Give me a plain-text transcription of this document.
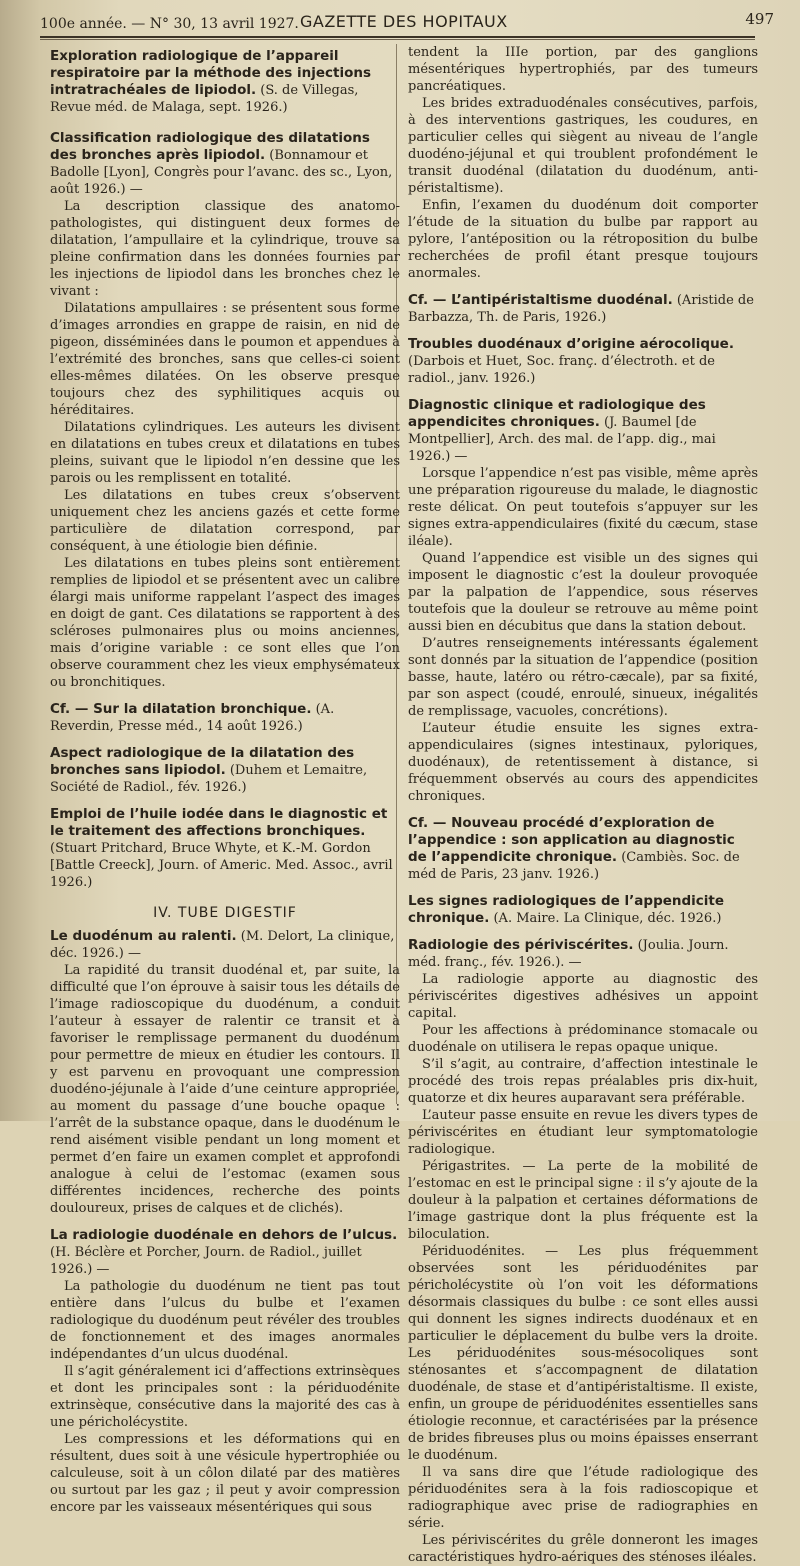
100e année. — N° 30, 13 avril 1927. GAZETTE DES HOPITAUX	497
Exploration radiologique de l’appareil respiratoire par la méthode des injections intratrachéales de lipiodol. (S. de Villegas, Revue méd. de Malaga, sept. 1926.)
Classification radiologique des dilatations des bronches après lipiodol. (Bonnamour et Badolle [Lyon], Congrès pour l’avanc. des sc., Lyon, août 1926.) —

La description classique des anatomo-pathologistes, qui distinguent deux formes de dilatation, l’ampullaire et la cylindrique, trouve sa pleine confirmation dans les données fournies par les injections de lipiodol dans les bronches chez le vivant :

Dilatations ampullaires : se présentent sous forme d’images arrondies en grappe de raisin, en nid de pigeon, disséminées dans le poumon et appendues à l’extrémité des bronches, sans que celles-ci soient elles-mêmes dilatées. On les observe presque toujours chez des syphilitiques acquis ou héréditaires.

Dilatations cylindriques. Les auteurs les divisent en dilatations en tubes creux et dilatations en tubes pleins, suivant que le lipiodol n’en dessine que les parois ou les remplissent en totalité.

Les dilatations en tubes creux s’observent uniquement chez les anciens gazés et cette forme particulière de dilatation correspond, par conséquent, à une étiologie bien définie.

Les dilatations en tubes pleins sont entièrement remplies de lipiodol et se présentent avec un calibre élargi mais uniforme rappelant l’aspect des images en doigt de gant. Ces dilatations se rapportent à des scléroses pulmonaires plus ou moins anciennes, mais d’origine variable : ce sont elles que l’on observe couramment chez les vieux emphysémateux ou bronchitiques.

Cf. — Sur la dilatation bronchique. (A. Reverdin, Presse méd., 14 août 1926.)
Aspect radiologique de la dilatation des bronches sans lipiodol. (Duhem et Lemaitre, Société de Radiol., fév. 1926.)
Emploi de l’huile iodée dans le diagnostic et le traitement des affections bronchiques. (Stuart Pritchard, Bruce Whyte, et K.-M. Gordon [Battle Creeck], Journ. of Americ. Med. Assoc., avril 1926.)
IV. TUBE DIGESTIF
Le duodénum au ralenti. (M. Delort, La clinique, déc. 1926.) —

La rapidité du transit duodénal et, par suite, la difficulté que l’on éprouve à saisir tous les détails de l’image radioscopique du duodénum, a conduit l’auteur à essayer de ralentir ce transit et à favoriser le remplissage permanent du duodénum pour permettre de mieux en étudier les contours. Il y est parvenu en provoquant une compression duodéno-jéjunale à l’aide d’une ceinture appropriée, au moment du passage d’une bouche opaque : l’arrêt de la substance opaque, dans le duodénum le rend aisément visible pendant un long moment et permet d’en faire un examen complet et approfondi analogue à celui de l’estomac (examen sous différentes incidences, recherche des points douloureux, prises de calques et de clichés).

La radiologie duodénale en dehors de l’ulcus. (H. Béclère et Porcher, Journ. de Radiol., juillet 1926.) —

La pathologie du duodénum ne tient pas tout entière dans l’ulcus du bulbe et l’examen radiologique du duodénum peut révéler des troubles de fonctionnement et des images anormales indépendantes d’un ulcus duodénal.

Il s’agit généralement ici d’affections extrinsèques et dont les principales sont : la périduodénite extrinsèque, consécutive dans la majorité des cas à une péricholécystite.

Les compressions et les déformations qui en résultent, dues soit à une vésicule hypertrophiée ou calculeuse, soit à un côlon dilaté par des matières ou surtout par les gaz ; il peut y avoir compression encore par les vaisseaux mésentériques qui sous

tendent la IIIe portion, par des ganglions mésentériques hypertrophiés, par des tumeurs pancréatiques.

Les brides extraduodénales consécutives, parfois, à des interventions gastriques, les coudures, en particulier celles qui siègent au niveau de l’angle duodéno-jéjunal et qui troublent profondément le transit duodénal (dilatation du duodénum, anti-péristaltisme).

Enfin, l’examen du duodénum doit comporter l’étude de la situation du bulbe par rapport au pylore, l’antéposition ou la rétroposition du bulbe recherchées de profil étant presque toujours anormales.

Cf. — L’antipéristaltisme duodénal. (Aristide de Barbazza, Th. de Paris, 1926.)
Troubles duodénaux d’origine aérocolique. (Darbois et Huet, Soc. franç. d’électroth. et de radiol., janv. 1926.)
Diagnostic clinique et radiologique des appendicites chroniques. (J. Baumel [de Montpellier], Arch. des mal. de l’app. dig., mai 1926.) —

Lorsque l’appendice n’est pas visible, même après une préparation rigoureuse du malade, le diagnostic reste délicat. On peut toutefois s’appuyer sur les signes extra-appendiculaires (fixité du cæcum, stase iléale).

Quand l’appendice est visible un des signes qui imposent le diagnostic c’est la douleur provoquée par la palpation de l’appendice, sous réserves toutefois que la douleur se retrouve au même point aussi bien en décubitus que dans la station debout.

D’autres renseignements intéressants également sont donnés par la situation de l’appendice (position basse, haute, latéro ou rétro-cæcale), par sa fixité, par son aspect (coudé, enroulé, sinueux, inégalités de remplissage, vacuoles, concrétions).

L’auteur étudie ensuite les signes extra-appendiculaires (signes intestinaux, pyloriques, duodénaux), de retentissement à distance, si fréquemment observés au cours des appendicites chroniques.

Cf. — Nouveau procédé d’exploration de l’appendice : son application au diagnostic de l’appendicite chronique. (Cambiès. Soc. de méd de Paris, 23 janv. 1926.)
Les signes radiologiques de l’appendicite chronique. (A. Maire. La Clinique, déc. 1926.)
Radiologie des périviscérites. (Joulia. Journ. méd. franç., fév. 1926.). —

La radiologie apporte au diagnostic des périviscérites digestives adhésives un appoint capital.

Pour les affections à prédominance stomacale ou duodénale on utilisera le repas opaque unique.

S’il s’agit, au contraire, d’affection intestinale le procédé des trois repas préalables pris dix-huit, quatorze et dix heures auparavant sera préférable.

L’auteur passe ensuite en revue les divers types de périviscérites en étudiant leur symptomatologie radiologique.

Périgastrites. — La perte de la mobilité de l’estomac en est le principal signe : il s’y ajoute de la douleur à la palpation et certaines déformations de l’image gastrique dont la plus fréquente est la biloculation.

Périduodénites. — Les plus fréquemment observées sont les périduodénites par péricholécystite où l’on voit les déformations désormais classiques du bulbe : ce sont elles aussi qui donnent les signes indirects duodénaux et en particulier le déplacement du bulbe vers la droite. Les périduodénites sous-mésocoliques sont sténosantes et s’accompagnent de dilatation duodénale, de stase et d’antipéristaltisme. Il existe, enfin, un groupe de périduodénites essentielles sans étiologie reconnue, et caractérisées par la présence de brides fibreuses plus ou moins épaisses enserrant le duodénum.

Il va sans dire que l’étude radiologique des périduodénites sera à la fois radioscopique et radiographique avec prise de radiographies en série.

Les périviscérites du grêle donneront les images caractéristiques hydro-aériques des sténoses iléales.
